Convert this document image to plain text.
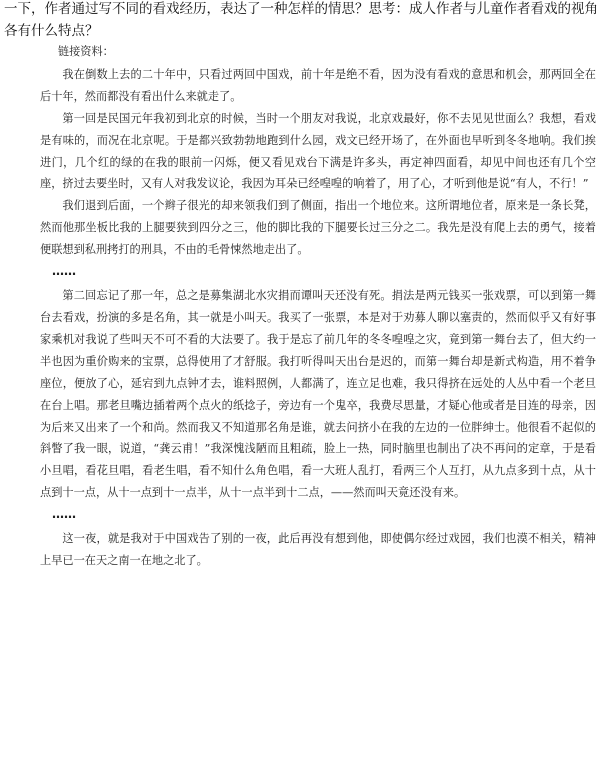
一下，作者通过写不同的看戏经历，表达了一种怎样的情思？思考：成人作者与儿童作者看戏的视角各有什么特点？

链接资料：

我在倒数上去的二十年中，只看过两回中国戏，前十年是绝不看，因为没有看戏的意思和机会，那两回全在后十年，然而都没有看出什么来就走了。

第一回是民国元年我初到北京的时候，当时一个朋友对我说，北京戏最好，你不去见见世面么？我想，看戏是有味的，而况在北京呢。于是都兴致勃勃地跑到什么园，戏文已经开场了，在外面也早听到冬冬地响。我们挨进门，几个红的绿的在我的眼前一闪烁，便又看见戏台下满是许多头，再定神四面看，却见中间也还有几个空座，挤过去要坐时，又有人对我发议论，我因为耳朵已经喤喤的响着了，用了心，才听到他是说“有人，不行！”

我们退到后面，一个辫子很光的却来领我们到了侧面，指出一个地位来。这所谓地位者，原来是一条长凳，然而他那坐板比我的上腿要狭到四分之三，他的脚比我的下腿要长过三分之二。我先是没有爬上去的勇气，接着便联想到私刑拷打的刑具，不由的毛骨悚然地走出了。

……

第二回忘记了那一年，总之是募集湖北水灾捐而谭叫天还没有死。捐法是两元钱买一张戏票，可以到第一舞台去看戏，扮演的多是名角，其一就是小叫天。我买了一张票，本是对于劝募人聊以塞责的，然而似乎又有好事家乘机对我说了些叫天不可不看的大法要了。我于是忘了前几年的冬冬喤喤之灾，竟到第一舞台去了，但大约一半也因为重价购来的宝票，总得使用了才舒服。我打听得叫天出台是迟的，而第一舞台却是新式构造，用不着争座位，便放了心，延宕到九点钟才去，谁料照例，人都满了，连立足也难，我只得挤在远处的人丛中看一个老旦在台上唱。那老旦嘴边插着两个点火的纸捻子，旁边有一个鬼卒，我费尽思量，才疑心他或者是目连的母亲，因为后来又出来了一个和尚。然而我又不知道那名角是谁，就去问挤小在我的左边的一位胖绅士。他很看不起似的斜瞥了我一眼，说道，“龚云甫！”我深愧浅陋而且粗疏，脸上一热，同时脑里也制出了决不再问的定章，于是看小旦唱，看花旦唱，看老生唱，看不知什么角色唱，看一大班人乱打，看两三个人互打，从九点多到十点，从十点到十一点，从十一点到十一点半，从十一点半到十二点，——然而叫天竟还没有来。

……

这一夜，就是我对于中国戏告了别的一夜，此后再没有想到他，即使偶尔经过戏园，我们也漠不相关，精神上早已一在天之南一在地之北了。
